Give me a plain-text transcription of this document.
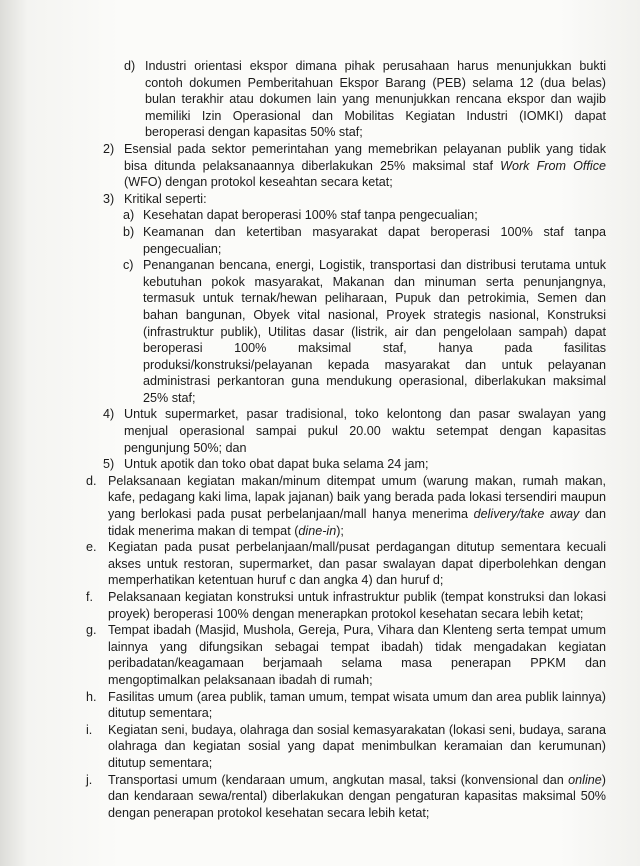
d) Industri orientasi ekspor dimana pihak perusahaan harus menunjukkan bukti contoh dokumen Pemberitahuan Ekspor Barang (PEB) selama 12 (dua belas) bulan terakhir atau dokumen lain yang menunjukkan rencana ekspor dan wajib memiliki Izin Operasional dan Mobilitas Kegiatan Industri (IOMKI) dapat beroperasi dengan kapasitas 50% staf;
2) Esensial pada sektor pemerintahan yang memebrikan pelayanan publik yang tidak bisa ditunda pelaksanaannya diberlakukan 25% maksimal staf Work From Office (WFO) dengan protokol keseahtan secara ketat;
3) Kritikal seperti:
a) Kesehatan dapat beroperasi 100% staf tanpa pengecualian;
b) Keamanan dan ketertiban masyarakat dapat beroperasi 100% staf tanpa pengecualian;
c) Penanganan bencana, energi, Logistik, transportasi dan distribusi terutama untuk kebutuhan pokok masyarakat, Makanan dan minuman serta penunjangnya, termasuk untuk ternak/hewan peliharaan, Pupuk dan petrokimia, Semen dan bahan bangunan, Obyek vital nasional, Proyek strategis nasional, Konstruksi (infrastruktur publik), Utilitas dasar (listrik, air dan pengelolaan sampah) dapat beroperasi 100% maksimal staf, hanya pada fasilitas produksi/konstruksi/pelayanan kepada masyarakat dan untuk pelayanan administrasi perkantoran guna mendukung operasional, diberlakukan maksimal 25% staf;
4) Untuk supermarket, pasar tradisional, toko kelontong dan pasar swalayan yang menjual operasional sampai pukul 20.00 waktu setempat dengan kapasitas pengunjung 50%; dan
5) Untuk apotik dan toko obat dapat buka selama 24 jam;
d. Pelaksanaan kegiatan makan/minum ditempat umum (warung makan, rumah makan, kafe, pedagang kaki lima, lapak jajanan) baik yang berada pada lokasi tersendiri maupun yang berlokasi pada pusat perbelanjaan/mall hanya menerima delivery/take away dan tidak menerima makan di tempat (dine-in);
e. Kegiatan pada pusat perbelanjaan/mall/pusat perdagangan ditutup sementara kecuali akses untuk restoran, supermarket, dan pasar swalayan dapat diperbolehkan dengan memperhatikan ketentuan huruf c dan angka 4) dan huruf d;
f.	Pelaksanaan kegiatan konstruksi untuk infrastruktur publik (tempat konstruksi dan lokasi proyek) beroperasi 100% dengan menerapkan protokol kesehatan secara lebih ketat;
g. Tempat ibadah (Masjid, Mushola, Gereja, Pura, Vihara dan Klenteng serta tempat umum lainnya yang difungsikan sebagai tempat ibadah) tidak mengadakan kegiatan peribadatan/keagamaan berjamaah selama masa penerapan PPKM dan mengoptimalkan pelaksanaan ibadah di rumah;
h. Fasilitas umum (area publik, taman umum, tempat wisata umum dan area publik lainnya) ditutup sementara;
i.	Kegiatan seni, budaya, olahraga dan sosial kemasyarakatan (lokasi seni, budaya, sarana olahraga dan kegiatan sosial yang dapat menimbulkan keramaian dan kerumunan) ditutup sementara;
j.	Transportasi umum (kendaraan umum, angkutan masal, taksi (konvensional dan online) dan kendaraan sewa/rental) diberlakukan dengan pengaturan kapasitas maksimal 50% dengan penerapan protokol kesehatan secara lebih ketat;
